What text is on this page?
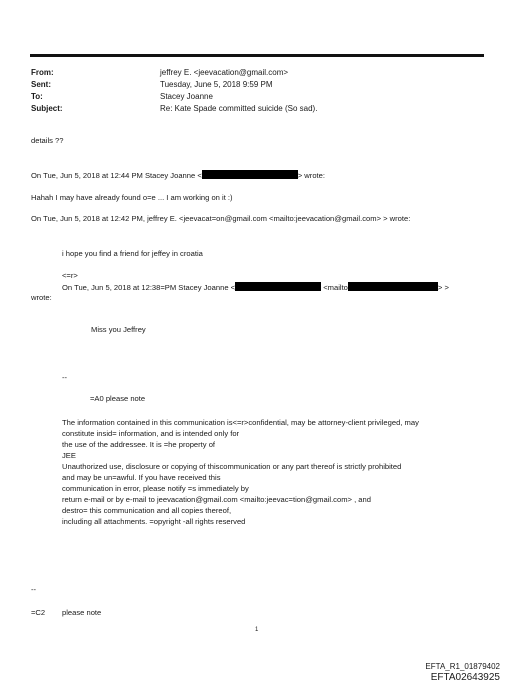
From:	jeffrey E. <jeevacation@gmail.com>
Sent:	Tuesday, June 5, 2018 9:59 PM
To:	Stacey Joanne
Subject:	Re: Kate Spade committed suicide (So sad).
details ??
On Tue, Jun 5, 2018 at 12:44 PM Stacey Joanne <	> wrote:
Hahah I may have already found o=e ... I am working on it :)
On Tue, Jun 5, 2018 at 12:42 PM, jeffrey E. <jeevacat=on@gmail.com <mailto:jeevacation@gmail.com> > wrote:
i hope you find a friend for jeffey in croatia
<=r>
On Tue, Jun 5, 2018 at 12:38=PM Stacey Joanne <	<mailto	> >
wrote:
Miss you Jeffrey
--
=A0 please note
The information contained in this communication is<=r>confidential, may be attorney-client privileged, may
constitute insid= information, and is intended only for
the use of the addressee. It is =he property of
JEE
Unauthorized use, disclosure or copying of thiscommunication or any part thereof is strictly prohibited
and may be un=awful. If you have received this
communication in error, please notify =s immediately by
return e-mail or by e-mail to jeevacation@gmail.com <mailto:jeevac=tion@gmail.com> , and
destro= this communication and all copies thereof,
including all attachments. =opyright -all rights reserved
--
=C2 please note
1
EFTA_R1_01879402
EFTA02643925
